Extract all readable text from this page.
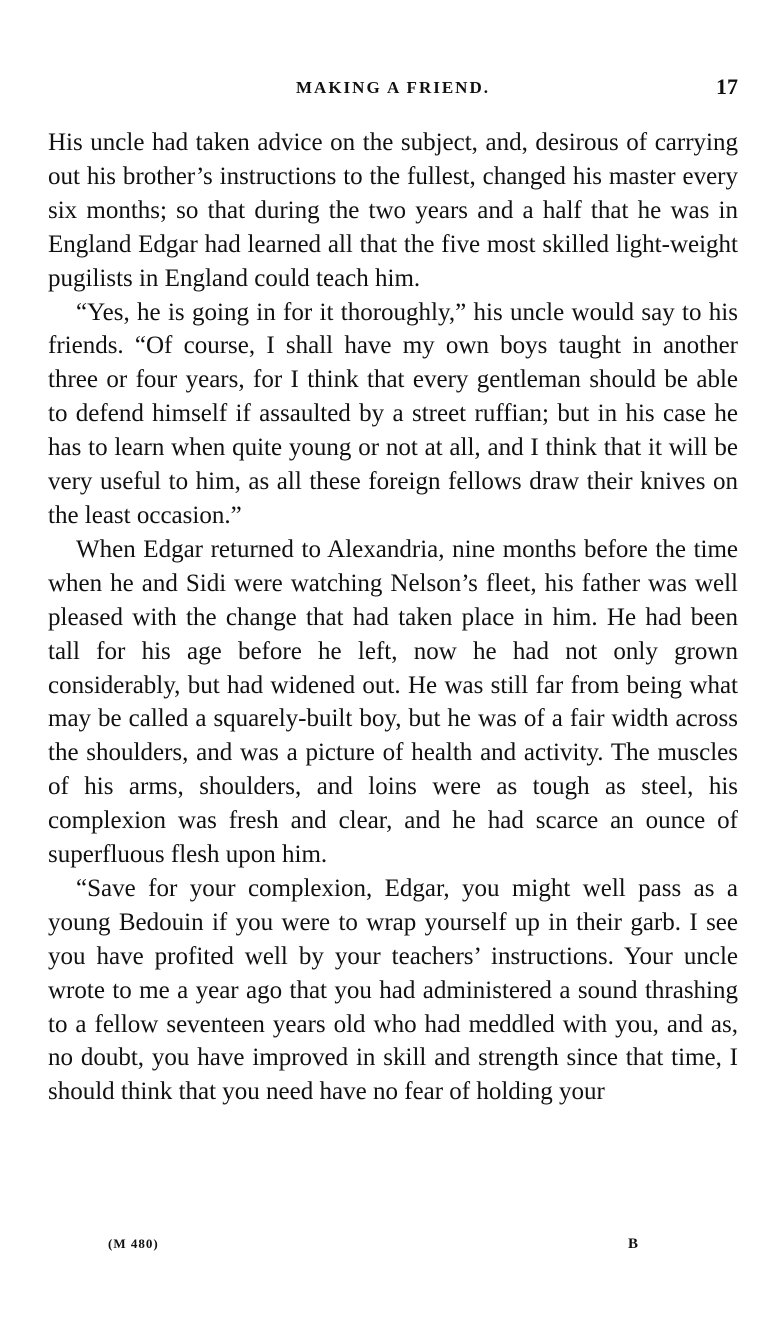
MAKING A FRIEND.	17

His uncle had taken advice on the subject, and, desirous of carrying out his brother’s instructions to the fullest, changed his master every six months; so that during the two years and a half that he was in England Edgar had learned all that the five most skilled light-weight pugilists in England could teach him.

“Yes, he is going in for it thoroughly,” his uncle would say to his friends. “Of course, I shall have my own boys taught in another three or four years, for I think that every gentleman should be able to defend himself if assaulted by a street ruffian; but in his case he has to learn when quite young or not at all, and I think that it will be very useful to him, as all these foreign fellows draw their knives on the least occasion.”

When Edgar returned to Alexandria, nine months before the time when he and Sidi were watching Nelson’s fleet, his father was well pleased with the change that had taken place in him. He had been tall for his age before he left, now he had not only grown considerably, but had widened out. He was still far from being what may be called a squarely-built boy, but he was of a fair width across the shoulders, and was a picture of health and activity. The muscles of his arms, shoulders, and loins were as tough as steel, his complexion was fresh and clear, and he had scarce an ounce of superfluous flesh upon him.

“Save for your complexion, Edgar, you might well pass as a young Bedouin if you were to wrap yourself up in their garb. I see you have profited well by your teachers’ instructions. Your uncle wrote to me a year ago that you had administered a sound thrashing to a fellow seventeen years old who had meddled with you, and as, no doubt, you have improved in skill and strength since that time, I should think that you need have no fear of holding your

(M 480)	B
